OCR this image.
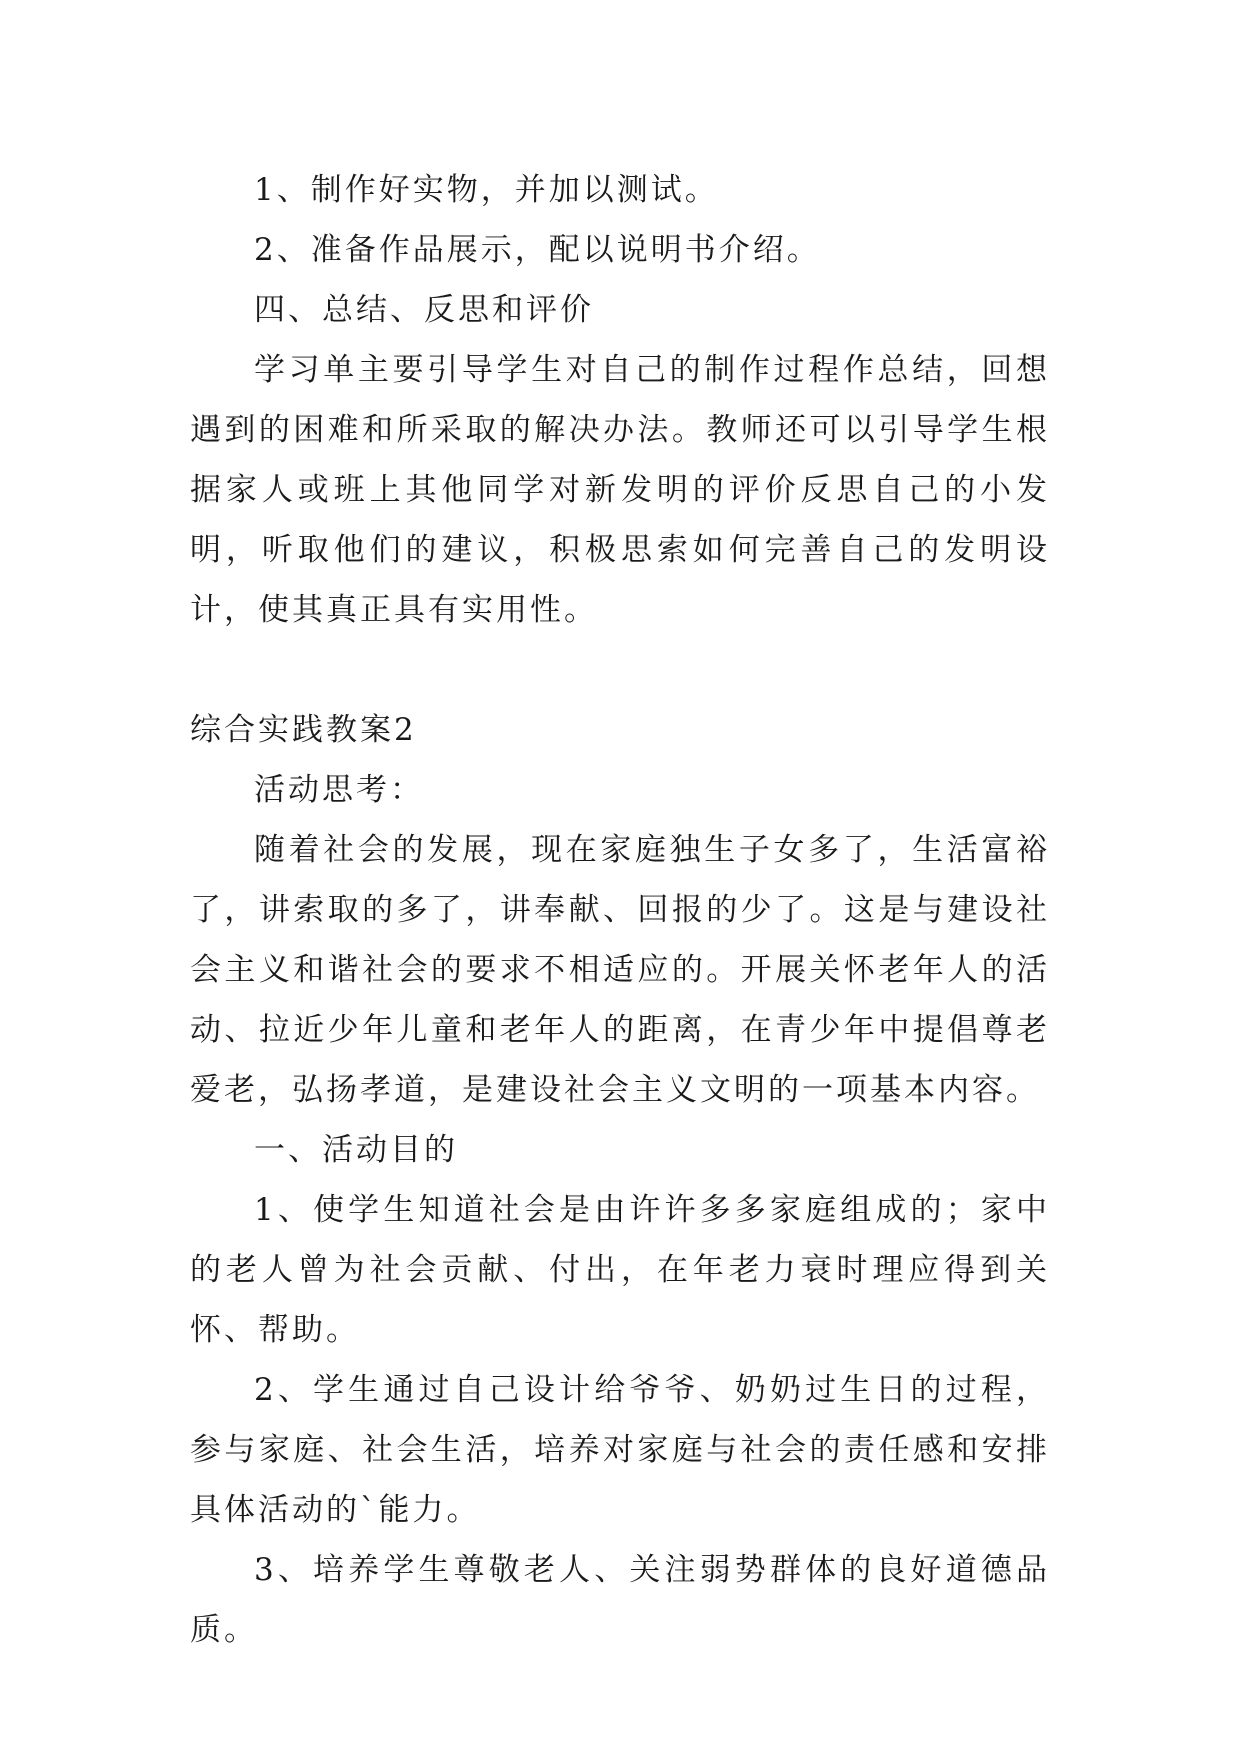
1、制作好实物，并加以测试。

2、准备作品展示，配以说明书介绍。

四、总结、反思和评价

学习单主要引导学生对自己的制作过程作总结，回想遇到的困难和所采取的解决办法。教师还可以引导学生根据家人或班上其他同学对新发明的评价反思自己的小发明，听取他们的建议，积极思索如何完善自己的发明设计，使其真正具有实用性。

综合实践教案2

活动思考：

随着社会的发展，现在家庭独生子女多了，生活富裕了，讲索取的多了，讲奉献、回报的少了。这是与建设社会主义和谐社会的要求不相适应的。开展关怀老年人的活动、拉近少年儿童和老年人的距离，在青少年中提倡尊老爱老，弘扬孝道，是建设社会主义文明的一项基本内容。

一、活动目的

1、使学生知道社会是由许许多多家庭组成的；家中的老人曾为社会贡献、付出，在年老力衰时理应得到关怀、帮助。

2、学生通过自己设计给爷爷、奶奶过生日的过程，参与家庭、社会生活，培养对家庭与社会的责任感和安排具体活动的`能力。

3、培养学生尊敬老人、关注弱势群体的良好道德品质。
